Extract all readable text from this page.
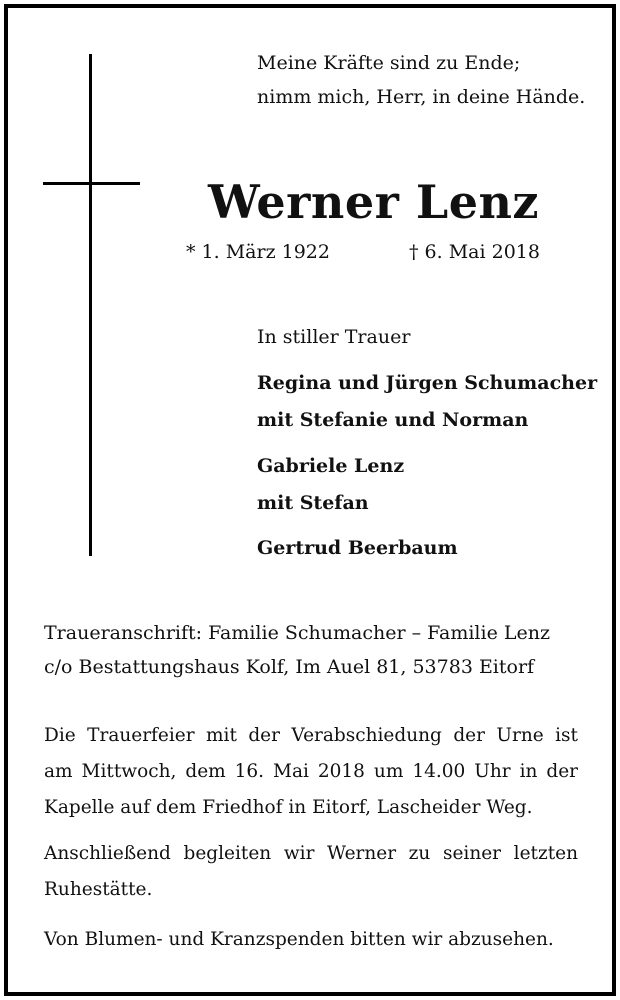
Meine Kräfte sind zu Ende;
nimm mich, Herr, in deine Hände.
Werner Lenz
* 1. März 1922	† 6. Mai 2018
In stiller Trauer
Regina und Jürgen Schumacher
mit Stefanie und Norman
Gabriele Lenz
mit Stefan
Gertrud Beerbaum
Traueranschrift: Familie Schumacher – Familie Lenz
c/o Bestattungshaus Kolf, Im Auel 81, 53783 Eitorf
Die Trauerfeier mit der Verabschiedung der Urne ist
am Mittwoch, dem 16. Mai 2018 um 14.00 Uhr in der
Kapelle auf dem Friedhof in Eitorf, Lascheider Weg.
Anschließend begleiten wir Werner zu seiner letzten
Ruhestätte.
Von Blumen- und Kranzspenden bitten wir abzusehen.
